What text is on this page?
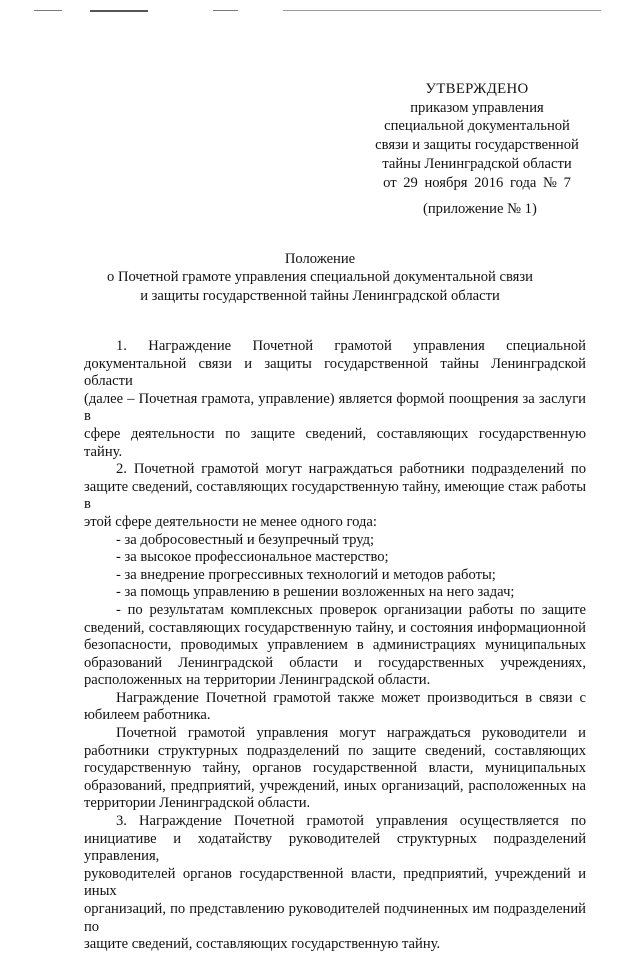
УТВЕРЖДЕНО
приказом управления
специальной документальной
связи и защиты государственной
тайны Ленинградской области
от 29 ноября 2016 года № 7
(приложение № 1)
Положение
о Почетной грамоте управления специальной документальной связи
и защиты государственной тайны Ленинградской области

1. Награждение Почетной грамотой управления специальной

документальной связи и защиты государственной тайны Ленинградской области

(далее – Почетная грамота, управление) является формой поощрения за заслуги в

сфере деятельности по защите сведений, составляющих государственную тайну.

2. Почетной грамотой могут награждаться работники подразделений по

защите сведений, составляющих государственную тайну, имеющие стаж работы в

этой сфере деятельности не менее одного года:

- за добросовестный и безупречный труд;

- за высокое профессиональное мастерство;

- за внедрение прогрессивных технологий и методов работы;

- за помощь управлению в решении возложенных на него задач;

- по результатам комплексных проверок организации работы по защите

сведений, составляющих государственную тайну, и состояния информационной

безопасности, проводимых управлением в администрациях муниципальных

образований Ленинградской области и государственных учреждениях,

расположенных на территории Ленинградской области.

Награждение Почетной грамотой также может производиться в связи с

юбилеем работника.

Почетной грамотой управления могут награждаться руководители и

работники структурных подразделений по защите сведений, составляющих

государственную тайну, органов государственной власти, муниципальных

образований, предприятий, учреждений, иных организаций, расположенных на

территории Ленинградской области.

3. Награждение Почетной грамотой управления осуществляется по

инициативе и ходатайству руководителей структурных подразделений управления,

руководителей органов государственной власти, предприятий, учреждений и иных

организаций, по представлению руководителей подчиненных им подразделений по

защите сведений, составляющих государственную тайну.
